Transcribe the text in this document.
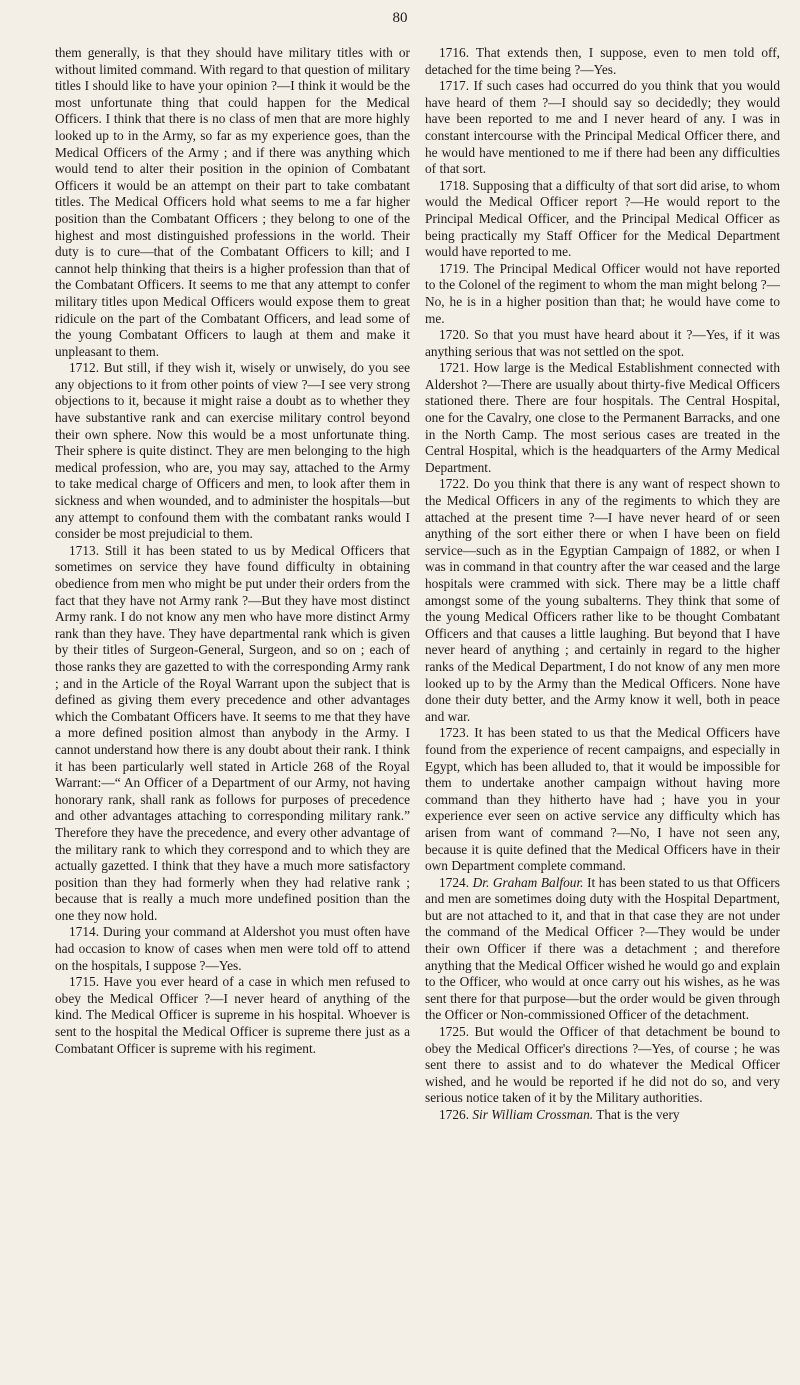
80

them generally, is that they should have military titles with or without limited command. With regard to that question of military titles I should like to have your opinion ?—I think it would be the most unfortunate thing that could happen for the Medical Officers. I think that there is no class of men that are more highly looked up to in the Army, so far as my experience goes, than the Medical Officers of the Army ; and if there was anything which would tend to alter their position in the opinion of Combatant Officers it would be an attempt on their part to take combatant titles. The Medical Officers hold what seems to me a far higher position than the Combatant Officers ; they belong to one of the highest and most distinguished professions in the world. Their duty is to cure—that of the Combatant Officers to kill; and I cannot help thinking that theirs is a higher profession than that of the Combatant Officers. It seems to me that any attempt to confer military titles upon Medical Officers would expose them to great ridicule on the part of the Combatant Officers, and lead some of the young Combatant Officers to laugh at them and make it unpleasant to them.

1712. But still, if they wish it, wisely or unwisely, do you see any objections to it from other points of view ?—I see very strong objections to it, because it might raise a doubt as to whether they have substantive rank and can exercise military control beyond their own sphere. Now this would be a most unfortunate thing. Their sphere is quite distinct. They are men belonging to the high medical profession, who are, you may say, attached to the Army to take medical charge of Officers and men, to look after them in sickness and when wounded, and to administer the hospitals—but any attempt to confound them with the combatant ranks would I consider be most prejudicial to them.

1713. Still it has been stated to us by Medical Officers that sometimes on service they have found difficulty in obtaining obedience from men who might be put under their orders from the fact that they have not Army rank ?—But they have most distinct Army rank. I do not know any men who have more distinct Army rank than they have. They have departmental rank which is given by their titles of Surgeon-General, Surgeon, and so on ; each of those ranks they are gazetted to with the corresponding Army rank ; and in the Article of the Royal Warrant upon the subject that is defined as giving them every precedence and other advantages which the Combatant Officers have. It seems to me that they have a more defined position almost than anybody in the Army. I cannot understand how there is any doubt about their rank. I think it has been particularly well stated in Article 268 of the Royal Warrant:—“ An Officer of a Department of our Army, not having honorary rank, shall rank as follows for purposes of precedence and other advantages attaching to corresponding military rank.” Therefore they have the precedence, and every other advantage of the military rank to which they correspond and to which they are actually gazetted. I think that they have a much more satisfactory position than they had formerly when they had relative rank ; because that is really a much more undefined position than the one they now hold.

1714. During your command at Aldershot you must often have had occasion to know of cases when men were told off to attend on the hospitals, I suppose ?—Yes.

1715. Have you ever heard of a case in which men refused to obey the Medical Officer ?—I never heard of anything of the kind. The Medical Officer is supreme in his hospital. Whoever is sent to the hospital the Medical Officer is supreme there just as a Combatant Officer is supreme with his regiment.

1716. That extends then, I suppose, even to men told off, detached for the time being ?—Yes.

1717. If such cases had occurred do you think that you would have heard of them ?—I should say so decidedly; they would have been reported to me and I never heard of any. I was in constant intercourse with the Principal Medical Officer there, and he would have mentioned to me if there had been any difficulties of that sort.

1718. Supposing that a difficulty of that sort did arise, to whom would the Medical Officer report ?—He would report to the Principal Medical Officer, and the Principal Medical Officer as being practically my Staff Officer for the Medical Department would have reported to me.

1719. The Principal Medical Officer would not have reported to the Colonel of the regiment to whom the man might belong ?—No, he is in a higher position than that; he would have come to me.

1720. So that you must have heard about it ?—Yes, if it was anything serious that was not settled on the spot.

1721. How large is the Medical Establishment connected with Aldershot ?—There are usually about thirty-five Medical Officers stationed there. There are four hospitals. The Central Hospital, one for the Cavalry, one close to the Permanent Barracks, and one in the North Camp. The most serious cases are treated in the Central Hospital, which is the headquarters of the Army Medical Department.

1722. Do you think that there is any want of respect shown to the Medical Officers in any of the regiments to which they are attached at the present time ?—I have never heard of or seen anything of the sort either there or when I have been on field service—such as in the Egyptian Campaign of 1882, or when I was in command in that country after the war ceased and the large hospitals were crammed with sick. There may be a little chaff amongst some of the young subalterns. They think that some of the young Medical Officers rather like to be thought Combatant Officers and that causes a little laughing. But beyond that I have never heard of anything ; and certainly in regard to the higher ranks of the Medical Department, I do not know of any men more looked up to by the Army than the Medical Officers. None have done their duty better, and the Army know it well, both in peace and war.

1723. It has been stated to us that the Medical Officers have found from the experience of recent campaigns, and especially in Egypt, which has been alluded to, that it would be impossible for them to undertake another campaign without having more command than they hitherto have had ; have you in your experience ever seen on active service any difficulty which has arisen from want of command ?—No, I have not seen any, because it is quite defined that the Medical Officers have in their own Department complete command.

1724. Dr. Graham Balfour. It has been stated to us that Officers and men are sometimes doing duty with the Hospital Department, but are not attached to it, and that in that case they are not under the command of the Medical Officer ?—They would be under their own Officer if there was a detachment ; and therefore anything that the Medical Officer wished he would go and explain to the Officer, who would at once carry out his wishes, as he was sent there for that purpose—but the order would be given through the Officer or Non-commissioned Officer of the detachment.

1725. But would the Officer of that detachment be bound to obey the Medical Officer's directions ?—Yes, of course ; he was sent there to assist and to do whatever the Medical Officer wished, and he would be reported if he did not do so, and very serious notice taken of it by the Military authorities.

1726. Sir William Crossman. That is the very
